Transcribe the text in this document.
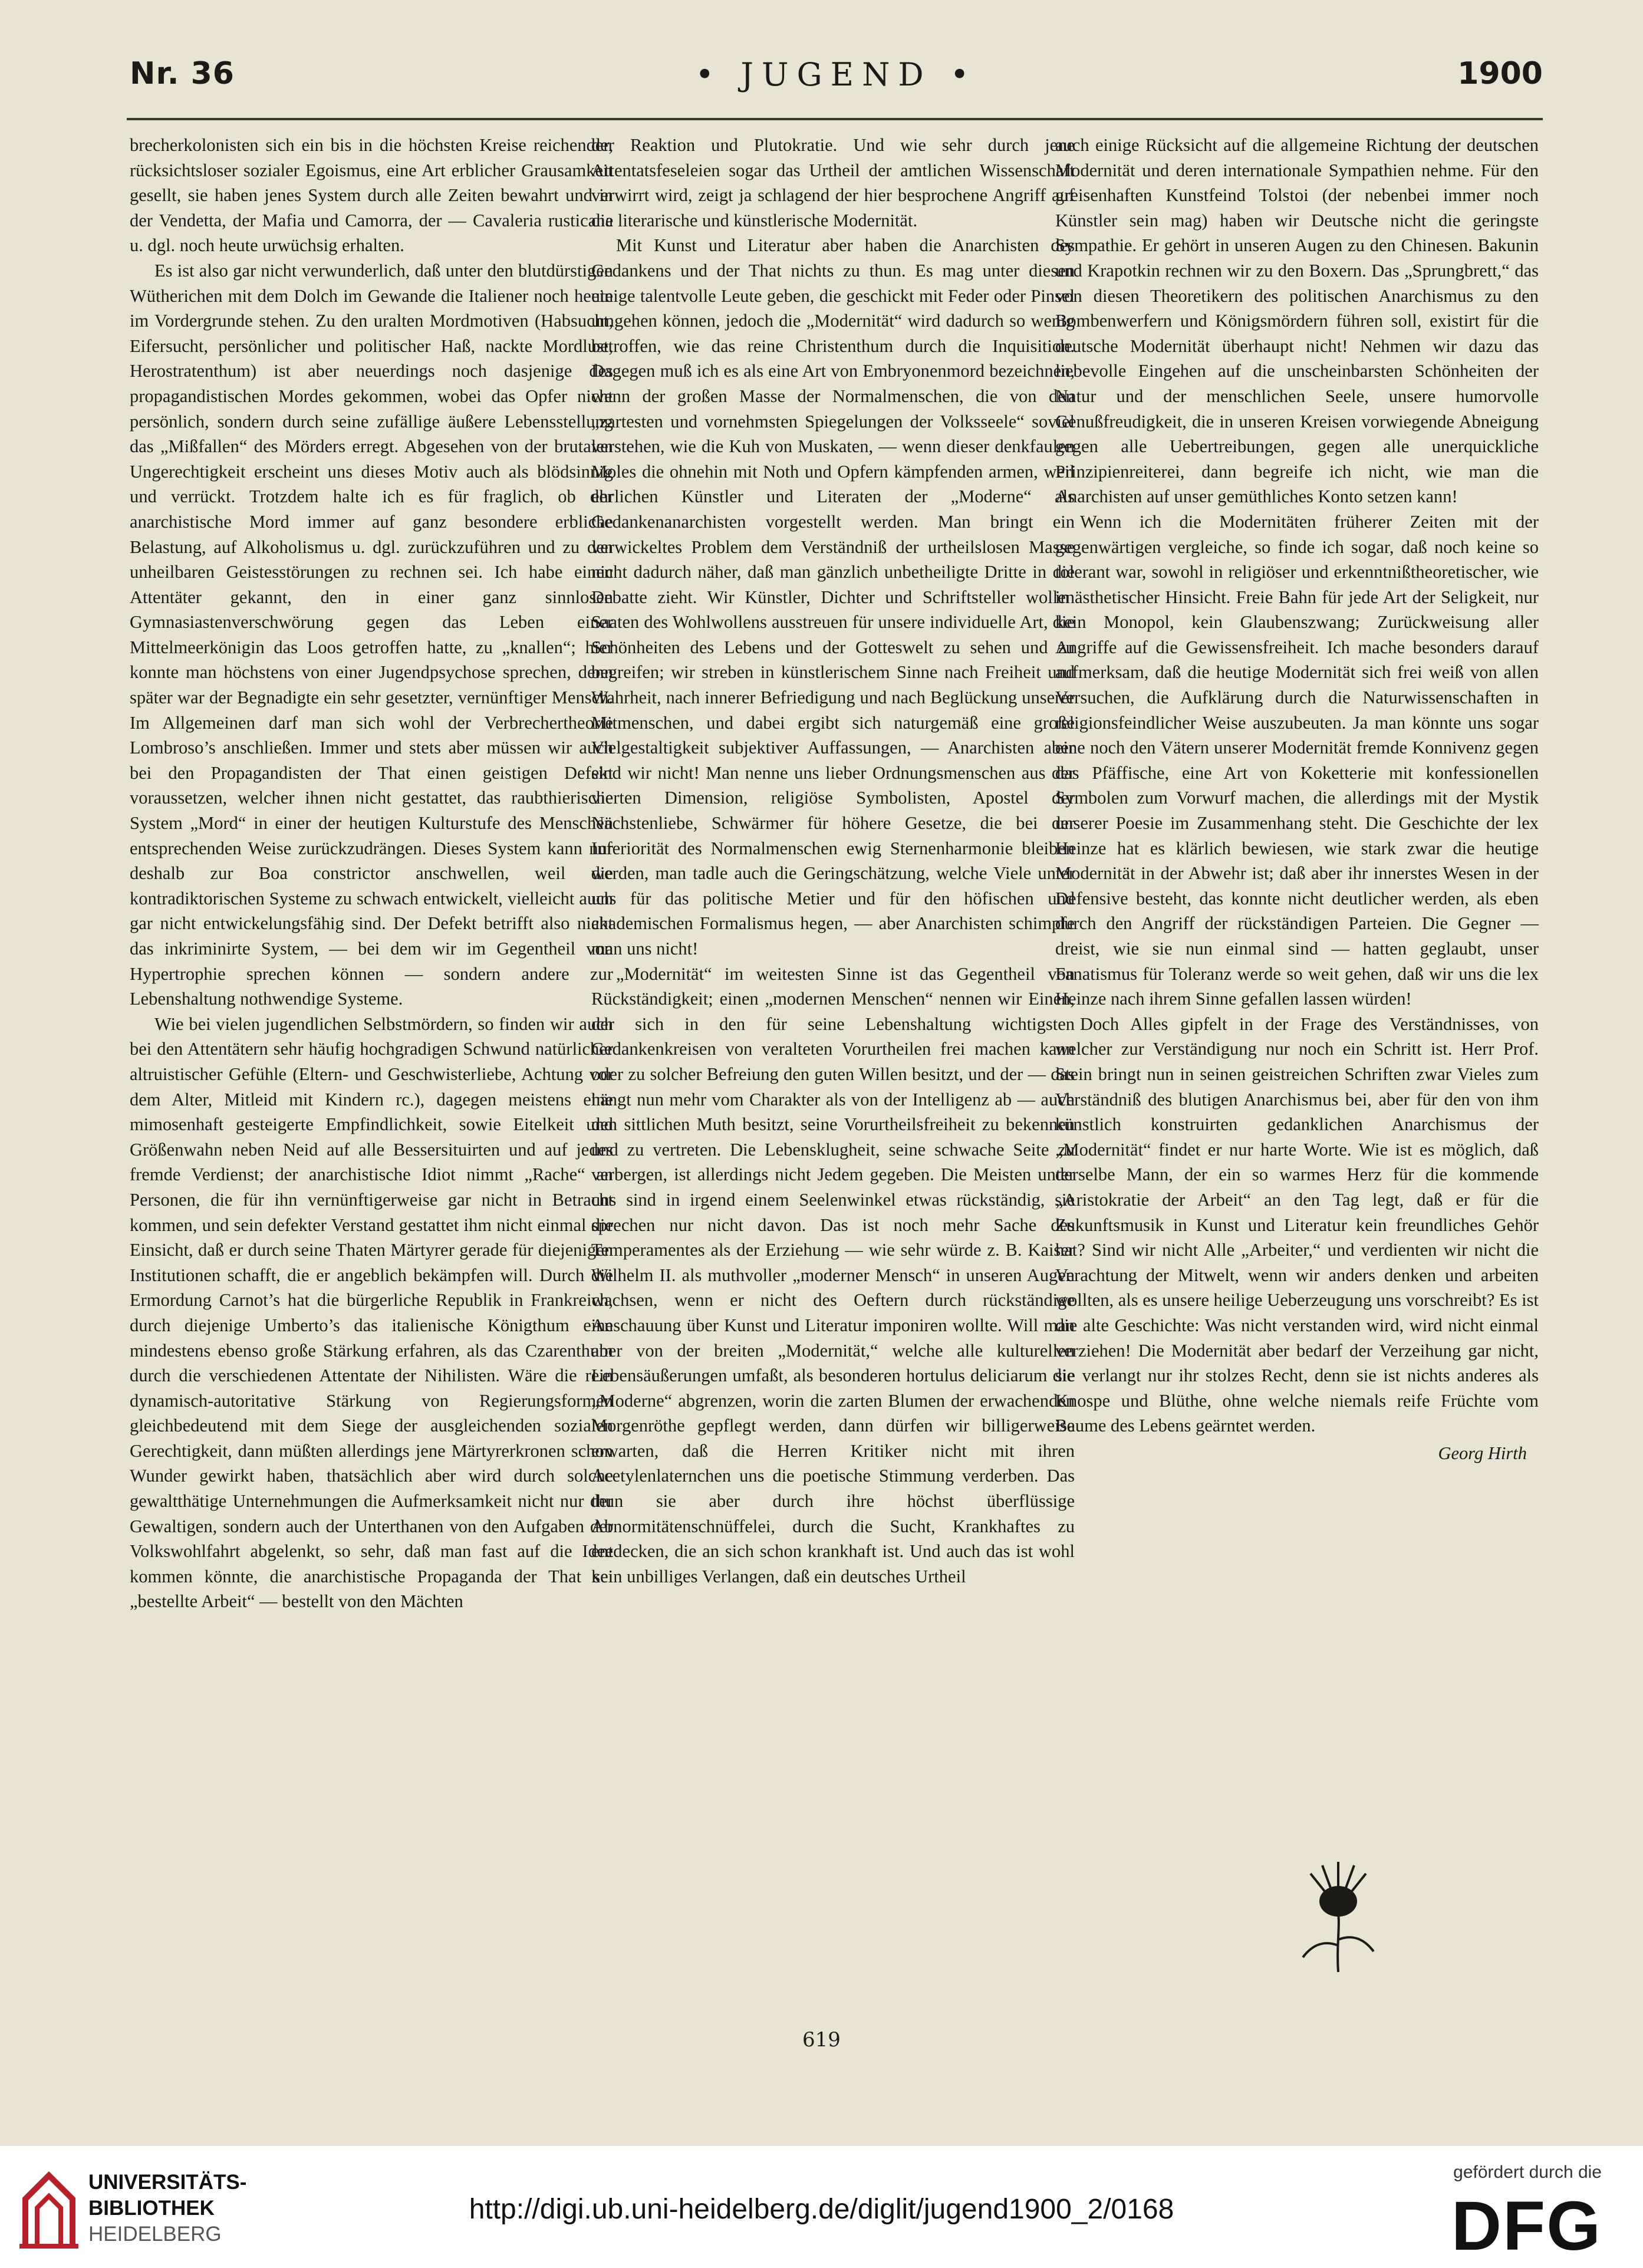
Nr. 36	• JUGEND •	1900

brecherkolonisten sich ein bis in die höchsten Kreise reichender, rücksichtsloser sozialer Egoismus, eine Art erblicher Grausamkeit gesellt, sie haben jenes System durch alle Zeiten bewahrt und in der Vendetta, der Mafia und Camorra, der — Cavaleria rusticana u. dgl. noch heute urwüchsig erhalten.

Es ist also gar nicht verwunderlich, daß unter den blutdürstigen Wütherichen mit dem Dolch im Gewande die Italiener noch heute im Vordergrunde stehen. Zu den uralten Mordmotiven (Habsucht, Eifersucht, persönlicher und politischer Haß, nackte Mordlust, Herostratenthum) ist aber neuerdings noch dasjenige des propagandistischen Mordes gekommen, wobei das Opfer nicht persönlich, sondern durch seine zufällige äußere Lebensstellung das „Mißfallen“ des Mörders erregt. Abgesehen von der brutalen Ungerechtigkeit erscheint uns dieses Motiv auch als blödsinnig und verrückt. Trotzdem halte ich es für fraglich, ob der anarchistische Mord immer auf ganz besondere erbliche Belastung, auf Alkoholismus u. dgl. zurückzuführen und zu den unheilbaren Geistesstörungen zu rechnen sei. Ich habe einen Attentäter gekannt, den in einer ganz sinnlosen Gymnasiastenverschwörung gegen das Leben einer Mittelmeerkönigin das Loos getroffen hatte, zu „knallen“; hier konnte man höchstens von einer Jugendpsychose sprechen, denn später war der Begnadigte ein sehr gesetzter, vernünftiger Mensch. Im Allgemeinen darf man sich wohl der Verbrechertheorie Lombroso’s anschließen. Immer und stets aber müssen wir auch bei den Propagandisten der That einen geistigen Defekt voraussetzen, welcher ihnen nicht gestattet, das raubthierische System „Mord“ in einer der heutigen Kulturstufe des Menschen entsprechenden Weise zurückzudrängen. Dieses System kann nur deshalb zur Boa constrictor anschwellen, weil die kontradiktorischen Systeme zu schwach entwickelt, vielleicht auch gar nicht entwickelungsfähig sind. Der Defekt betrifft also nicht das inkriminirte System, — bei dem wir im Gegentheil von Hypertrophie sprechen können — sondern andere zur Lebenshaltung nothwendige Systeme.

Wie bei vielen jugendlichen Selbstmördern, so finden wir auch bei den Attentätern sehr häufig hochgradigen Schwund natürlicher altruistischer Gefühle (Eltern- und Geschwisterliebe, Achtung vor dem Alter, Mitleid mit Kindern rc.), dagegen meistens eine mimosenhaft gesteigerte Empfindlichkeit, sowie Eitelkeit und Größenwahn neben Neid auf alle Bessersituirten und auf jedes fremde Verdienst; der anarchistische Idiot nimmt „Rache“ an Personen, die für ihn vernünftigerweise gar nicht in Betracht kommen, und sein defekter Verstand gestattet ihm nicht einmal die Einsicht, daß er durch seine Thaten Märtyrer gerade für diejenigen Institutionen schafft, die er angeblich bekämpfen will. Durch die Ermordung Carnot’s hat die bürgerliche Republik in Frankreich, durch diejenige Umberto’s das italienische Königthum eine mindestens ebenso große Stärkung erfahren, als das Czarenthum durch die verschiedenen Attentate der Nihilisten. Wäre die rein dynamisch-autoritative Stärkung von Regierungsformen gleichbedeutend mit dem Siege der ausgleichenden sozialen Gerechtigkeit, dann müßten allerdings jene Märtyrerkronen schon Wunder gewirkt haben, thatsächlich aber wird durch solche gewaltthätige Unternehmungen die Aufmerksamkeit nicht nur der Gewaltigen, sondern auch der Unterthanen von den Aufgaben der Volkswohlfahrt abgelenkt, so sehr, daß man fast auf die Idee kommen könnte, die anarchistische Propaganda der That sei „bestellte Arbeit“ — bestellt von den Mächten

der Reaktion und Plutokratie. Und wie sehr durch jene Attentatsfeseleien sogar das Urtheil der amtlichen Wissenschaft verwirrt wird, zeigt ja schlagend der hier besprochene Angriff auf die literarische und künstlerische Modernität.

Mit Kunst und Literatur aber haben die Anarchisten des Gedankens und der That nichts zu thun. Es mag unter diesen einige talentvolle Leute geben, die geschickt mit Feder oder Pinsel umgehen können, jedoch die „Modernität“ wird dadurch so wenig betroffen, wie das reine Christenthum durch die Inquisition. Dagegen muß ich es als eine Art von Embryonenmord bezeichnen, wenn der großen Masse der Normalmenschen, die von den „zartesten und vornehmsten Spiegelungen der Volksseele“ soviel verstehen, wie die Kuh von Muskaten, — wenn dieser denkfaulen Moles die ohnehin mit Noth und Opfern kämpfenden armen, weil ehrlichen Künstler und Literaten der „Moderne“ als Gedankenanarchisten vorgestellt werden. Man bringt ein verwickeltes Problem dem Verständniß der urtheilslosen Masse nicht dadurch näher, daß man gänzlich unbetheiligte Dritte in die Debatte zieht. Wir Künstler, Dichter und Schriftsteller wollen Saaten des Wohlwollens ausstreuen für unsere individuelle Art, die Schönheiten des Lebens und der Gotteswelt zu sehen und zu begreifen; wir streben in künstlerischem Sinne nach Freiheit und Wahrheit, nach innerer Befriedigung und nach Beglückung unserer Mitmenschen, und dabei ergibt sich naturgemäß eine große Vielgestaltigkeit subjektiver Auffassungen, — Anarchisten aber sind wir nicht! Man nenne uns lieber Ordnungsmenschen aus der vierten Dimension, religiöse Symbolisten, Apostel der Nächstenliebe, Schwärmer für höhere Gesetze, die bei der Inferiorität des Normalmenschen ewig Sternenharmonie bleiben werden, man tadle auch die Geringschätzung, welche Viele unter uns für das politische Metier und für den höfischen und akademischen Formalismus hegen, — aber Anarchisten schimpfe man uns nicht!

„Modernität“ im weitesten Sinne ist das Gegentheil von Rückständigkeit; einen „modernen Menschen“ nennen wir Einen, der sich in den für seine Lebenshaltung wichtigsten Gedankenkreisen von veralteten Vorurtheilen frei machen kann oder zu solcher Befreiung den guten Willen besitzt, und der — das hängt nun mehr vom Charakter als von der Intelligenz ab — auch den sittlichen Muth besitzt, seine Vorurtheilsfreiheit zu bekennen und zu vertreten. Die Lebensklugheit, seine schwache Seite zu verbergen, ist allerdings nicht Jedem gegeben. Die Meisten unter uns sind in irgend einem Seelenwinkel etwas rückständig, sie sprechen nur nicht davon. Das ist noch mehr Sache des Temperamentes als der Erziehung — wie sehr würde z. B. Kaiser Wilhelm II. als muthvoller „moderner Mensch“ in unseren Augen wachsen, wenn er nicht des Oeftern durch rückständige Anschauung über Kunst und Literatur imponiren wollte. Will man aber von der breiten „Modernität,“ welche alle kulturellen Lebensäußerungen umfaßt, als besonderen hortulus deliciarum die „Moderne“ abgrenzen, worin die zarten Blumen der erwachenden Morgenröthe gepflegt werden, dann dürfen wir billigerweise erwarten, daß die Herren Kritiker nicht mit ihren Acetylenlaternchen uns die poetische Stimmung verderben. Das thun sie aber durch ihre höchst überflüssige Abnormitätenschnüffelei, durch die Sucht, Krankhaftes zu entdecken, die an sich schon krankhaft ist. Und auch das ist wohl kein unbilliges Verlangen, daß ein deutsches Urtheil

auch einige Rücksicht auf die allgemeine Richtung der deutschen Modernität und deren internationale Sympathien nehme. Für den greisenhaften Kunstfeind Tolstoi (der nebenbei immer noch Künstler sein mag) haben wir Deutsche nicht die geringste Sympathie. Er gehört in unseren Augen zu den Chinesen. Bakunin und Krapotkin rechnen wir zu den Boxern. Das „Sprungbrett,“ das von diesen Theoretikern des politischen Anarchismus zu den Bombenwerfern und Königsmördern führen soll, existirt für die deutsche Modernität überhaupt nicht! Nehmen wir dazu das liebevolle Eingehen auf die unscheinbarsten Schönheiten der Natur und der menschlichen Seele, unsere humorvolle Genußfreudigkeit, die in unseren Kreisen vorwiegende Abneigung gegen alle Uebertreibungen, gegen alle unerquickliche Prinzipienreiterei, dann begreife ich nicht, wie man die Anarchisten auf unser gemüthliches Konto setzen kann!

Wenn ich die Modernitäten früherer Zeiten mit der gegenwärtigen vergleiche, so finde ich sogar, daß noch keine so tolerant war, sowohl in religiöser und erkenntnißtheoretischer, wie in ästhetischer Hinsicht. Freie Bahn für jede Art der Seligkeit, nur kein Monopol, kein Glaubenszwang; Zurückweisung aller Angriffe auf die Gewissensfreiheit. Ich mache besonders darauf aufmerksam, daß die heutige Modernität sich frei weiß von allen Versuchen, die Aufklärung durch die Naturwissenschaften in religionsfeindlicher Weise auszubeuten. Ja man könnte uns sogar eine noch den Vätern unserer Modernität fremde Konnivenz gegen das Pfäffische, eine Art von Koketterie mit konfessionellen Symbolen zum Vorwurf machen, die allerdings mit der Mystik unserer Poesie im Zusammenhang steht. Die Geschichte der lex Heinze hat es klärlich bewiesen, wie stark zwar die heutige Modernität in der Abwehr ist; daß aber ihr innerstes Wesen in der Defensive besteht, das konnte nicht deutlicher werden, als eben durch den Angriff der rückständigen Parteien. Die Gegner — dreist, wie sie nun einmal sind — hatten geglaubt, unser Fanatismus für Toleranz werde so weit gehen, daß wir uns die lex Heinze nach ihrem Sinne gefallen lassen würden!

Doch Alles gipfelt in der Frage des Verständnisses, von welcher zur Verständigung nur noch ein Schritt ist. Herr Prof. Stein bringt nun in seinen geistreichen Schriften zwar Vieles zum Verständniß des blutigen Anarchismus bei, aber für den von ihm künstlich konstruirten gedanklichen Anarchismus der „Modernität“ findet er nur harte Worte. Wie ist es möglich, daß derselbe Mann, der ein so warmes Herz für die kommende „Aristokratie der Arbeit“ an den Tag legt, daß er für die Zukunftsmusik in Kunst und Literatur kein freundliches Gehör hat? Sind wir nicht Alle „Arbeiter,“ und verdienten wir nicht die Verachtung der Mitwelt, wenn wir anders denken und arbeiten wollten, als es unsere heilige Ueberzeugung uns vorschreibt? Es ist die alte Geschichte: Was nicht verstanden wird, wird nicht einmal verziehen! Die Modernität aber bedarf der Verzeihung gar nicht, sie verlangt nur ihr stolzes Recht, denn sie ist nichts anderes als Knospe und Blüthe, ohne welche niemals reife Früchte vom Baume des Lebens geärntet werden.

Georg Hirth
619
UNIVERSITÄTS-
BIBLIOTHEK
HEIDELBERG
http://digi.ub.uni-heidelberg.de/diglit/jugend1900_2/0168
gefördert durch die
DFG
